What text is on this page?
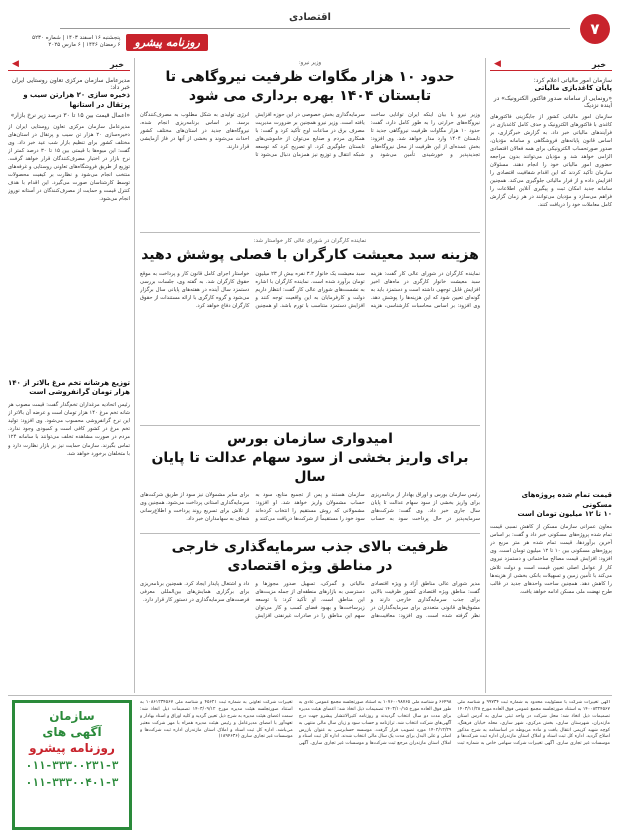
۷
اقتصادی
روزنامه پیشرو
پنجشنبه ۱۶ اسفند ۱۴۰۳ | شماره ۵۲۳۰
۶ رمضان ۱۴۴۶ | ۶ مارس ۲۰۲۵
خبر
◀
سازمان امور مالیاتی اعلام کرد:
پایان کاغذبازی مالیاتی
«رونمایی از سامانه صدور فاکتور الکترونیک» در آینده نزدیک
سازمان امور مالیاتی کشور از جایگزینی فاکتورهای کاغذی با فاکتورهای الکترونیک و حذف کامل کاغذبازی در فرآیندهای مالیاتی خبر داد. به گزارش خبرگزاری، بر اساس قانون پایانه‌های فروشگاهی و سامانه مؤدیان، صدور صورتحساب الکترونیکی برای همه فعالان اقتصادی الزامی خواهد شد و مؤدیان می‌توانند بدون مراجعه حضوری امور مالیاتی خود را انجام دهند. مسئولان سازمان تأکید کردند که این اقدام شفافیت اقتصادی را افزایش داده و از فرار مالیاتی جلوگیری می‌کند. همچنین سامانه جدید امکان ثبت و پیگیری آنلاین اطلاعات را فراهم می‌سازد و مؤدیان می‌توانند در هر زمان گزارش کامل معاملات خود را دریافت کنند.
قیمت تمام شده پروژه‌های مسکونی
۱۰ تا ۱۲ میلیون تومان است
معاون عمرانی سازمان مسکن از کاهش نسبی قیمت تمام شده پروژه‌های مسکونی خبر داد و گفت: بر اساس آخرین برآوردها، قیمت تمام شده هر متر مربع در پروژه‌های مسکونی بین ۱۰ تا ۱۲ میلیون تومان است. وی افزود: افزایش قیمت مصالح ساختمانی و دستمزد نیروی کار از عوامل اصلی تعیین قیمت است و دولت تلاش می‌کند با تأمین زمین و تسهیلات بانکی بخشی از هزینه‌ها را کاهش دهد. همچنین ساخت واحدهای جدید در قالب طرح نهضت ملی مسکن ادامه خواهد یافت.
خبر
◀
مدیرعامل سازمان مرکزی تعاون روستایی ایران خبر داد:
ذخیره سازی ۲۰ هزارتن سیب و پرتقال در استانها
«اعمال قیمت بین ۱۵ تا ۳۰ درصد زیر نرخ بازار»
مدیرعامل سازمان مرکزی تعاون روستایی ایران از ذخیره‌سازی ۲۰ هزار تن سیب و پرتقال در استان‌های مختلف کشور برای تنظیم بازار شب عید خبر داد. وی گفت: این میوه‌ها با قیمتی بین ۱۵ تا ۳۰ درصد کمتر از نرخ بازار در اختیار مصرف‌کنندگان قرار خواهد گرفت. توزیع از طریق فروشگاه‌های تعاونی روستایی و غرفه‌های منتخب انجام می‌شود و نظارت بر کیفیت محصولات توسط کارشناسان صورت می‌گیرد. این اقدام با هدف کنترل قیمت و حمایت از مصرف‌کنندگان در آستانه نوروز انجام می‌شود.
توزیع هرشانه تخم مرغ بالاتر از ۱۴۰ هزار تومان گرانفروشی است
رئیس اتحادیه مرغداران تخم‌گذار گفت: قیمت مصوب هر شانه تخم مرغ ۱۴۰ هزار تومان است و عرضه آن بالاتر از این نرخ گرانفروشی محسوب می‌شود. وی افزود: تولید تخم مرغ در کشور کافی است و کمبودی وجود ندارد. مردم در صورت مشاهده تخلف می‌توانند با سامانه ۱۲۴ تماس بگیرند. سازمان حمایت نیز بر بازار نظارت دارد و با متخلفان برخورد خواهد شد.
وزیر نیرو:
حدود ۱۰ هزار مگاوات ظرفیت نیروگاهی تا تابستان ۱۴۰۴ بهره برداری می شود
وزیر نیرو با بیان اینکه ایران توانایی ساخت نیروگاه‌های حرارتی را به طور کامل دارد، گفت: حدود ۱۰ هزار مگاوات ظرفیت نیروگاهی جدید تا تابستان ۱۴۰۴ وارد مدار خواهد شد. وی افزود: بخش عمده‌ای از این ظرفیت از محل نیروگاه‌های تجدیدپذیر و خورشیدی تأمین می‌شود و سرمایه‌گذاری بخش خصوصی در این حوزه افزایش یافته است. وزیر نیرو همچنین بر ضرورت مدیریت مصرف برق در ساعات اوج تأکید کرد و گفت: با همکاری مردم و صنایع می‌توان از خاموشی‌های تابستان جلوگیری کرد. او تصریح کرد که توسعه شبکه انتقال و توزیع نیز همزمان دنبال می‌شود تا انرژی تولیدی به شکل مطلوب به مصرف‌کنندگان برسد. بر اساس برنامه‌ریزی انجام شده، نیروگاه‌های جدید در استان‌های مختلف کشور احداث می‌شوند و بخشی از آنها در فاز آزمایشی قرار دارند.
نماینده کارگران در شورای عالی کار خواستار شد:
هزینه سبد معیشت کارگران با فصلی پوشش دهید
نماینده کارگران در شورای عالی کار گفت: هزینه سبد معیشت خانوار کارگری در ماه‌های اخیر افزایش قابل توجهی داشته است و دستمزد باید به گونه‌ای تعیین شود که این هزینه‌ها را پوشش دهد. وی افزود: بر اساس محاسبات کارشناسی، هزینه سبد معیشت یک خانوار ۳.۳ نفره بیش از ۲۳ میلیون تومان برآورد شده است. نماینده کارگران با اشاره به نشست‌های شورای عالی کار گفت: انتظار داریم دولت و کارفرمایان به این واقعیت توجه کنند و افزایش دستمزد متناسب با تورم باشد. او همچنین خواستار اجرای کامل قانون کار و پرداخت به موقع حقوق کارگران شد. به گفته وی، جلسات بررسی دستمزد سال آینده در هفته‌های پایانی سال برگزار می‌شود و گروه کارگری با ارائه مستندات از حقوق کارگران دفاع خواهد کرد.
امیدواری سازمان بورس
برای واریز بخشی از سود سهام عدالت تا پایان سال
رئیس سازمان بورس و اوراق بهادار از برنامه‌ریزی برای واریز بخشی از سود سهام عدالت تا پایان سال جاری خبر داد. وی گفت: شرکت‌های سرمایه‌پذیر در حال پرداخت سود به حساب سازمان هستند و پس از تجمیع منابع، سود به حساب مشمولان واریز خواهد شد. او افزود: مشمولانی که روش مستقیم را انتخاب کرده‌اند سود خود را مستقیماً از شرکت‌ها دریافت می‌کنند و برای سایر مشمولان نیز سود از طریق شرکت‌های سرمایه‌گذاری استانی پرداخت می‌شود. همچنین وی از تلاش برای تسریع روند پرداخت و اطلاع‌رسانی شفاف به سهامداران خبر داد.
ظرفیت بالای جذب سرمایه‌گذاری خارجی
در مناطق ویژه اقتصادی
مدیر شورای عالی مناطق آزاد و ویژه اقتصادی گفت: مناطق ویژه اقتصادی کشور ظرفیت بالایی برای جذب سرمایه‌گذاری خارجی دارند و مشوق‌های قانونی متعددی برای سرمایه‌گذاران در نظر گرفته شده است. وی افزود: معافیت‌های مالیاتی و گمرکی، تسهیل صدور مجوزها و دسترسی به بازارهای منطقه‌ای از جمله مزیت‌های این مناطق است. او تأکید کرد: با توسعه زیرساخت‌ها و بهبود فضای کسب و کار می‌توان سهم این مناطق را در صادرات غیرنفتی افزایش داد و اشتغال پایدار ایجاد کرد. همچنین برنامه‌ریزی برای برگزاری همایش‌های بین‌المللی معرفی فرصت‌های سرمایه‌گذاری در دستور کار قرار دارد.
سازمان
آگهی های
روزنامه پیشرو
۰۱۱-۳۳۳۰۰۲۳۱-۳
۰۱۱-۳۳۳۰۰۴۰۱-۳
آگهی تغییرات شرکت با مسئولیت محدود به شماره ثبت ۹۹۷۳۴ و شناسه ملی ۱۴۰۰۸۳۲۴۵۶۷ به استناد صورتجلسه مجمع عمومی فوق العاده مورخ ۱۴۰۳/۱۱/۲۸ تصمیمات ذیل اتخاذ شد: محل شرکت در واحد ثبتی ساری به آدرس استان مازندران، شهرستان ساری، بخش مرکزی، شهر ساری، محله خیابان فرهنگ، کوچه شهید کریمی انتقال یافت و ماده مربوطه در اساسنامه به شرح مذکور اصلاح گردید. اداره کل ثبت اسناد و املاک استان مازندران اداره ثبت شرکت‌ها و موسسات غیر تجاری ساری. آگهی تغییرات شرکت سهامی خاص به شماره ثبت ۶۶۴۹۸ و شناسه ملی ۱۰۷۶۰۰۹۸۷۶۵ به استناد صورتجلسه مجمع عمومی عادی به طور فوق العاده مورخ ۱۴۰۳/۱۰/۱۵ تصمیمات ذیل اتخاذ شد: اعضای هیئت مدیره برای مدت دو سال انتخاب گردیدند و روزنامه کثیرالانتشار پیشرو جهت درج آگهی‌های شرکت انتخاب شد. ترازنامه و حساب سود و زیان سال مالی منتهی به ۱۴۰۲/۱۲/۲۹ مورد تصویب قرار گرفت. موسسه حسابرسی به عنوان بازرس اصلی و علی البدل برای مدت یک سال مالی انتخاب شدند. اداره کل ثبت اسناد و املاک استان مازندران مرجع ثبت شرکت‌ها و موسسات غیر تجاری ساری. آگهی تغییرات شرکت تعاونی به شماره ثبت ۴۵۶۲۱ و شناسه ملی ۱۰۸۶۱۲۳۴۵۶۷ به استناد صورتجلسه هیئت مدیره مورخ ۱۴۰۳/۰۹/۱۲ تصمیمات ذیل اتخاذ شد: سمت اعضای هیئت مدیره به شرح ذیل تعیین گردید و کلیه اوراق و اسناد بهادار و تعهدآور با امضای مدیرعامل و رئیس هیئت مدیره همراه با مهر شرکت معتبر می‌باشد. اداره کل ثبت اسناد و املاک استان مازندران اداره ثبت شرکت‌ها و موسسات غیر تجاری ساری (۱۸۹۴۶۳۶)
